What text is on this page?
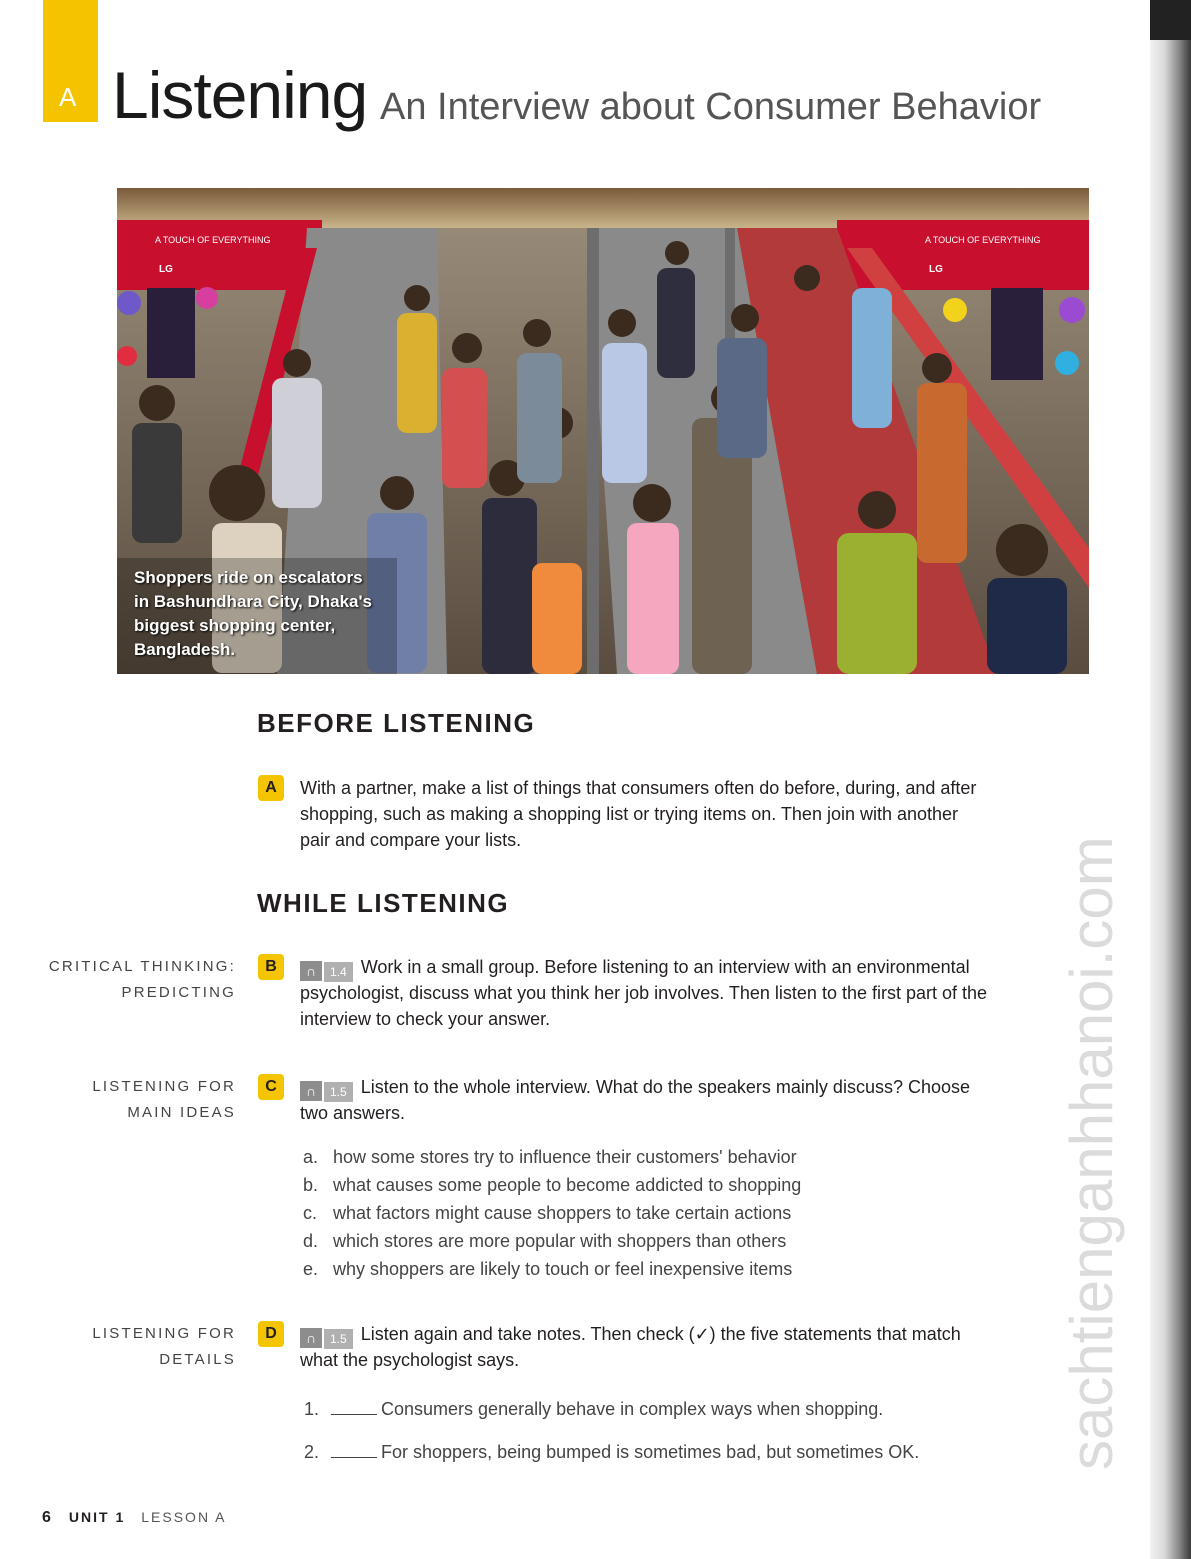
A Listening An Interview about Consumer Behavior
A TOUCH OF EVERYTHING	A TOUCH OF EVERYTHING
LG	LG
Shoppers ride on escalators
in Bashundhara City, Dhaka's
biggest shopping center,
Bangladesh.
BEFORE LISTENING
A	With a partner, make a list of things that consumers often do before, during, and after
shopping, such as making a shopping list or trying items on. Then join with another
pair and compare your lists.
WHILE LISTENING
CRITICAL THINKING:
PREDICTING
B	∩ 1.4 Work in a small group. Before listening to an interview with an environmental
psychologist, discuss what you think her job involves. Then listen to the first part of the
interview to check your answer.
LISTENING FOR
MAIN IDEAS
C	∩ 1.5 Listen to the whole interview. What do the speakers mainly discuss? Choose
two answers.
a. how some stores try to influence their customers' behavior
b. what causes some people to become addicted to shopping
c. what factors might cause shoppers to take certain actions
d. which stores are more popular with shoppers than others
e. why shoppers are likely to touch or feel inexpensive items
LISTENING FOR
DETAILS
D	∩ 1.5 Listen again and take notes. Then check (✓) the five statements that match
what the psychologist says.
1.	Consumers generally behave in complex ways when shopping.
2.	For shoppers, being bumped is sometimes bad, but sometimes OK. sachtienganhhanoi.com
6 UNIT 1 LESSON A
